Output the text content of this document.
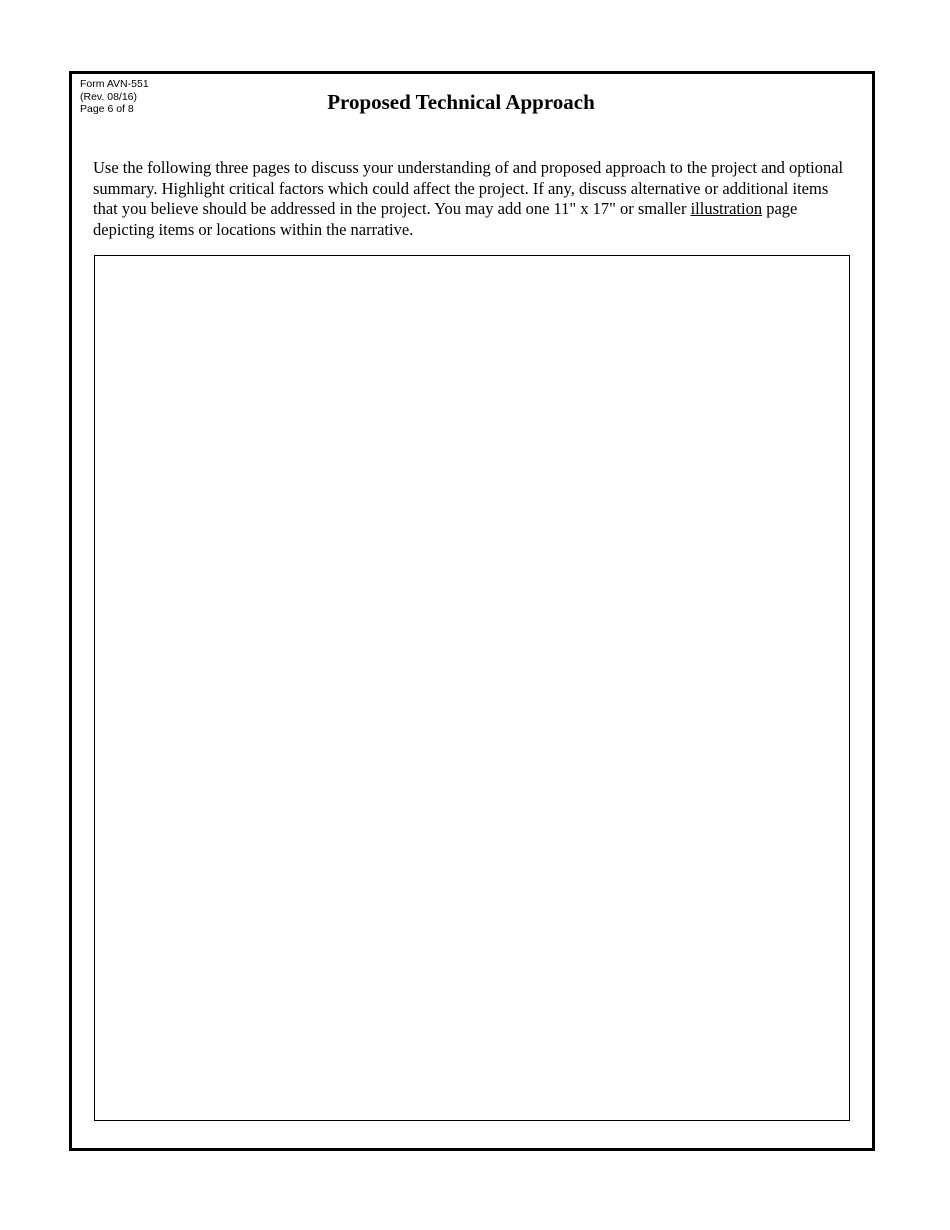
Form AVN-551
(Rev. 08/16)
Page 6 of 8	Proposed Technical Approach

Use the following three pages to discuss your understanding of and proposed approach to the project and optional summary. Highlight critical factors which could affect the project. If any, discuss alternative or additional items that you believe should be addressed in the project. You may add one 11" x 17" or smaller illustration page depicting items or locations within the narrative.
